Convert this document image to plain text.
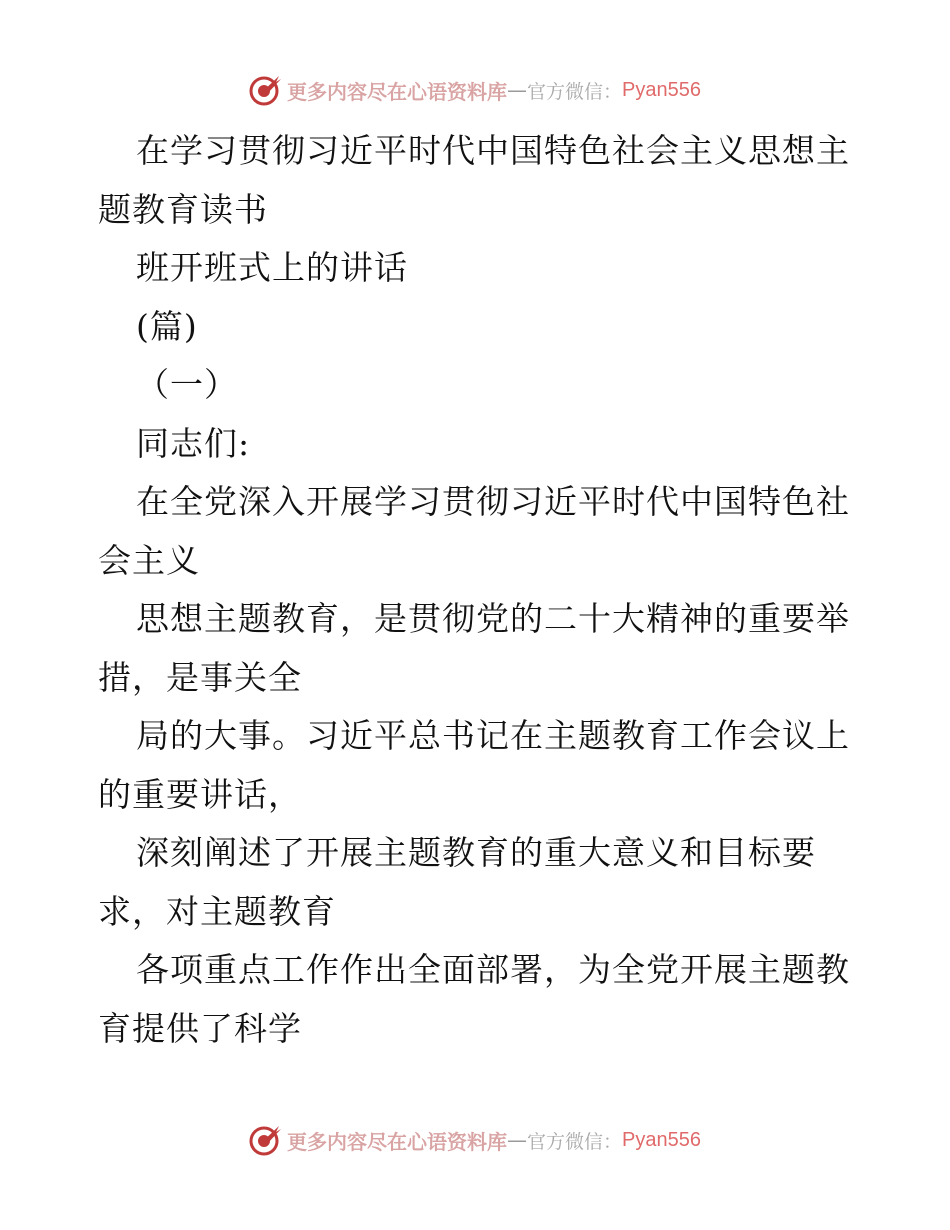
更多内容尽在心语资料库 — 官方微信： Pyan556
在学习贯彻习近平时代中国特色社会主义思想主
题教育读书
班开班式上的讲话
(篇)
（一）
同志们:
在全党深入开展学习贯彻习近平时代中国特色社
会主义
思想主题教育，是贯彻党的二十大精神的重要举
措，是事关全
局的大事。习近平总书记在主题教育工作会议上
的重要讲话，
深刻阐述了开展主题教育的重大意义和目标要
求，对主题教育
各项重点工作作出全面部署，为全党开展主题教
育提供了科学
更多内容尽在心语资料库 — 官方微信： Pyan556
